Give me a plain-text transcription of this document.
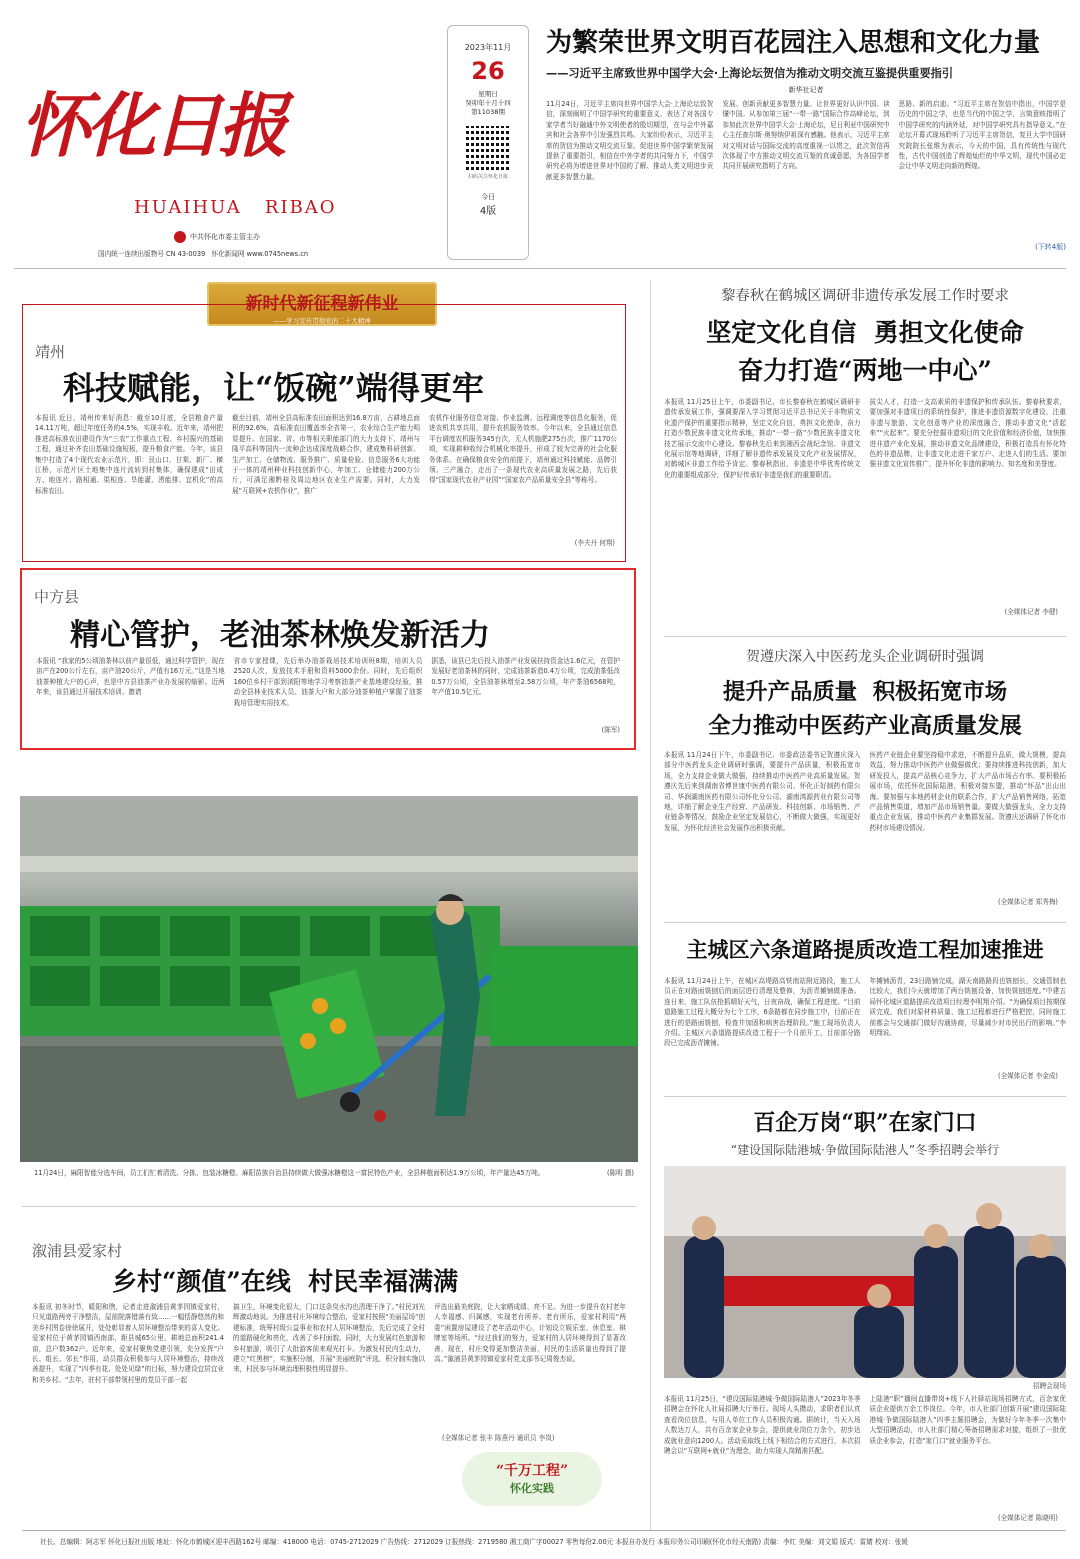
怀化日报
HUAIHUA   RIBAO
中共怀化市委主管主办
国内统一连续出版物号 CN 43-0039 怀化新闻网 www.0745news.cn
2023年11月
26
星期日
癸卯年十月十四
第11038期
扫码关注怀化日报
今日
4版
为繁荣世界文明百花园注入思想和文化力量
——习近平主席致世界中国学大会·上海论坛贺信为推动文明交流互鉴提供重要指引
新华社记者
11月24日，习近平主席向世界中国学大会·上海论坛致贺信，深刻阐明了中国学研究的重要意义，表达了对各国专家学者当好融通中外文明使者的殷切期望，在与会中外嘉宾和社会各界中引发强烈共鸣。大家纷纷表示，习近平主席的贺信为推动文明交流互鉴、促进世界中国学繁荣发展提供了重要指引，相信在中外学者的共同努力下，中国学研究必将为增进世界对中国的了解、推动人类文明进步贡献更多智慧力量。
发展、创新贡献更多智慧力量。让世界更好认识中国、读懂中国。从参加第三届“一带一路”国际合作高峰论坛，到参加此次世界中国学大会·上海论坛，尼日利亚中国研究中心主任查尔斯·奥努纳伊祖深有感触。他表示，习近平主席对文明对话与国际交流的高度重视一以贯之，此次贺信再次体现了中方推动文明交流互鉴的真诚意愿，为各国学者共同开展研究指明了方向。
思路、新的启迪。“习近平主席在贺信中指出，中国学是历史的中国之学，也是当代的中国之学，言简意赅指明了中国学研究的内涵外延，对中国学研究具有指导意义。”在论坛开幕式现场聆听了习近平主席贺信，复旦大学中国研究院院长张维为表示，今天的中国，具有传统性与现代性，古代中国创造了辉煌灿烂的中华文明，现代中国必定会让中华文明走向新的辉煌。
(下转4版)
新时代新征程新伟业
——学习宣传贯彻党的二十大精神
靖州
科技赋能，让“饭碗”端得更牢
本报讯 近日，靖州传来好消息：截至10月底，全县粮食产量14.11万吨，超过年度任务的4.5%，实现丰收。近年来，靖州把推进高标准农田建设作为“三农”工作重点工程、乡村振兴的基础工程，通过补齐农田基础设施短板，提升粮食产能。今年，该县集中打造了4个现代农业示范片，即：艮山口、甘棠、新厂、横江桥，示范片区土地集中连片流转到村集体，确保建成“田成方、地连片、路相通、渠相连、旱能灌、涝能排、宜机化”的高标准农田。
截至目前，靖州全县高标准农田面积达到16.8万亩，占耕地总面积的92.6%，高标准农田覆盖率全省第一，农业综合生产能力明显提升。在国家、省、市等相关职能部门的大力支持下，靖州与隆平高科等国内一流种企达成深度战略合作，建成集科研创新、生产加工、仓储物流、服务推广、质量检验、信息服务6大功能于一体的靖州种业科技创新中心，年加工、仓储能力200万公斤，可满足湘黔桂及周边地区农业生产需要。同时，大力发展“互联网+农机作业”，推广
农机作业服务信息对接、作业监测、远程调度等信息化服务，促进农机共享共用，提升农机服务效率。今年以来，全县通过信息平台调度农机服务345台次，无人机施肥275台次，推广1170公顷，实现耕种收综合机械化率提升，形成了较为完善的社会化服务体系。在确保粮食安全的前提下，靖州通过科技赋能、品牌引领、三产融合，走出了一条现代农业高质量发展之路，先后获得“国家现代农业产业园”“国家农产品质量安全县”等称号。
(李夫丹 何翔)
中方县
精心管护，老油茶林焕发新活力
本报讯 “我家的5公顷油茶林以前产量很低，通过科学管护，现在亩产在200公斤左右，亩产油20公斤，产值有16万元。”这是当地油茶种植大户的心声，也是中方县油茶产业办发展的缩影。近两年来，该县通过开展技术培训、邀请
省市专家授课，先后举办油茶栽培技术培训班8期，培训人员2520人次，发放技术手册和资料5000余份。同时，先后组织160位乡村干部到浏阳等地学习考察油茶产业基地建设经验，推动全县林业技术人员、油茶大户和大部分油茶种植户掌握了油茶栽培管理实用技术。
据悉，该县已先后投入油茶产业发展扶持资金达1.6亿元，在管护发展好老油茶林的同时，完成油茶新造0.4万公顷，完成油茶低改0.57万公顷，全县油茶林增至2.58万公顷，年产茶油6568吨，年产值10.5亿元。
(陈军)
11月24日，麻阳智能分选车间，员工们忙着清洗、分拣、包装冰糖橙。麻阳苗族自治县持续做大做强冰糖橙这一富民特色产业，全县种植面积达1.9万公顷，年产量达45万吨。	(陈明 摄)
溆浦县爱家村
乡村“颜值”在线  村民幸福满满
本报讯 初冬时节，暖阳和煦，记者走进溆浦县黄茅园镇爱家村，只见道路两旁干净整洁，屋前院落错落有致……一幅恬静悠然的和美乡村图卷徐徐展开，处处彰显着人居环境整治带来的喜人变化。爱家村位于黄茅园镇西南部，距县城65公里，耕地总面积241.4亩，总户数362户。近年来，爱家村聚焦党建引领，充分发挥“户长、组长、邻长”作用，动员群众积极参与人居环境整治，持续改善提升，实现了“四季有花、处处见绿”的目标，努力建设宜居宜业和美乡村。“去年，驻村干部带领村里的党员干部一起
搞卫生，环境变化很大，门口这条臭水沟也清理干净了。”村民刘光辉激动地说。为推进村庄环境综合整治，爱家村按照“美丽屋场”创建标准，统筹村级公益事业和农村人居环境整治，先后完成了全村的道路硬化和亮化，改善了乡村面貌。同时，大力发展红色旅游和乡村旅游，吸引了大批游客前来观光打卡。为激发村民内生动力，建立“红黑榜”，实施积分制，开展“美丽庭院”评选，积分制实施以来，村民参与环境治理积极性明显提升。
评选出最美庭院，让大家晒成绩、亮不足。为进一步提升农村老年人幸福感、归属感，实现老有所养、老有所乐，爱家村利用“两委”闲置房屋建设了老年活动中心，计划设立娱乐室、休息室、棋牌室等场所。“经过我们的努力，爱家村的人居环境得到了显著改善，现在，村庄变得更加整洁美丽，村民的生活质量也得到了提高。”溆浦县黄茅园镇爱家村党支部书记周俊杰说。
(全媒体记者 张丰 陈燕丹 通讯员 李岚)
“千万工程”
怀化实践
黎春秋在鹤城区调研非遗传承发展工作时要求
坚定文化自信  勇担文化使命
奋力打造“两地一中心”
本报讯 11月25日上午，市委副书记、市长黎春秋在鹤城区调研非遗传承发展工作，强调要深入学习贯彻习近平总书记关于非物质文化遗产保护的重要指示精神，坚定文化自信，勇担文化使命，奋力打造少数民族非遗文化传承地，推动“一带一路”少数民族非遗文化技艺展示交流中心建设。黎春秋先后来到湘西会战纪念馆、非遗文化展示馆等地调研，详细了解非遗传承发展及文化产业发展情况，对鹤城区非遗工作给予肯定。黎春秋指出，非遗是中华优秀传统文化的重要组成部分，保护好传承好非遗是我们的重要职责。
拔尖人才，打造一支高素质的非遗保护和传承队伍。黎春秋要求，要加强对非遗项目的系统性保护，推进非遗资源数字化建设，注重非遗与旅游、文化创意等产业的深度融合，推动非遗文化“活起来”“火起来”。要充分挖掘非遗项目的文化价值和经济价值，加快推进非遗产业化发展，推动非遗文化品牌建设，积极打造具有怀化特色的非遗品牌，让非遗文化走进千家万户、走进人们的生活。要加强非遗文化宣传推广，提升怀化非遗的影响力、知名度和美誉度。
(全媒体记者 李健)
贺遵庆深入中医药龙头企业调研时强调
提升产品质量  积极拓宽市场
全力推动中医药产业高质量发展
本报讯 11月24日下午，市委副书记、市委政法委书记贺遵庆深入部分中医药龙头企业调研时强调，要提升产品质量，积极拓宽市场，全力支持企业做大做强，持续推动中医药产业高质量发展。贺遵庆先后来到湖南省博世康中医药有限公司、怀化正好制药有限公司、华润湖南医药有限公司怀化分公司、湖南鸿源药业有限公司等地，详细了解企业生产经营、产品研发、科技创新、市场销售、产业链条等情况，鼓励企业坚定发展信心，不断做大做强，实现更好发展，为怀化经济社会发展作出积极贡献。
医药产业链企业要坚持稳中求进，不断提升品质，做大规模，提高效益，努力推动中医药产业做强做优；要持续推进科技创新，加大研发投入，提高产品核心竞争力，扩大产品市场占有率。要积极拓展市场，依托怀化国际陆港，积极对接东盟，推动“怀品”出山出海。要加强与本地药材企业的联系合作，扩大产品销售网络，拓宽产品销售渠道，增加产品市场销售量。要做大做强龙头，全力支持重点企业发展，推动中医药产业集群发展。贺遵庆还调研了怀化市药材市场建设情况。
(全媒体记者 郑秀梅)
主城区六条道路提质改造工程加速推进
本报讯 11月24日上午，在城区高堤路高铁南站附近路段，施工人员正在对路面铣刨后的面层进行清理及整修，为沥青摊铺做准备。连日来，施工队伍抢抓晴好天气，日夜奋战，确保工程进度。“目前道路施工过程大概分为七个工序，6条路都在同步施工中，目前正在进行的是路面铣刨，检查井加固和病害治理阶段。”施工现场负责人介绍。主城区六条道路提质改造工程于一个月前开工，目前部分路段已完成沥青摊铺。
年摊铺沥青，23日路铺完成，湖天南路路段也铣刨长，交通管制也比较大，我们今天就增加了两台铣刨设备，加快铣刨进度。”中建五局怀化城区道路提质改造项目经理李明翔介绍。“为确保项目按期保质完成，我们对原材料质量、施工过程都进行严格把控，同时施工前都会与交通部门做好沟通协商，尽量减少对市民出行的影响。”李明翔说。
(全媒体记者 李金成)
百企万岗“职”在家门口
“建设国际陆港城·争做国际陆港人”冬季招聘会举行
招聘会现场
本报讯 11月25日，“建设国际陆港城·争做国际陆港人”2023年冬季招聘会在怀化人社局招聘大厅举行。现场人头攒动，求职者们认真查看岗位信息，与用人单位工作人员积极沟通。据统计，当天入场人数达万人，共有百余家企业参会，提供就业岗位万余个，初步达成就业意向1200人。活动采取线上线下相结合的方式进行，本次招聘会以“互联网+就业”为理念，助力实现人岗精准匹配。
上陆港“职”播间直播带岗+线下人社驿站现场招聘方式，百余家优质企业提供万余工作岗位。今年，市人社部门创新开展“建设国际陆港城·争做国际陆港人”四季主题招聘会，为做好今年冬季一次集中大型招聘活动，市人社部门精心筹备招聘需求对接，组织了一批优质企业参会，打造“家门口”就业服务平台。
(全媒体记者 陈晓明)
社长、总编辑：阿志军 怀化日报社出版 地址：怀化市鹤城区迎丰西路162号 邮编：418000 电话：0745-2712029 广告热线：2712029 订报热线：2719580 湘工商广字00027 零售每份2.00元 本报自办发行 本报印务公司印刷(怀化市经天南路) 责编：李红 美编：刘文娟 版式：雷婧 校对：张媛
